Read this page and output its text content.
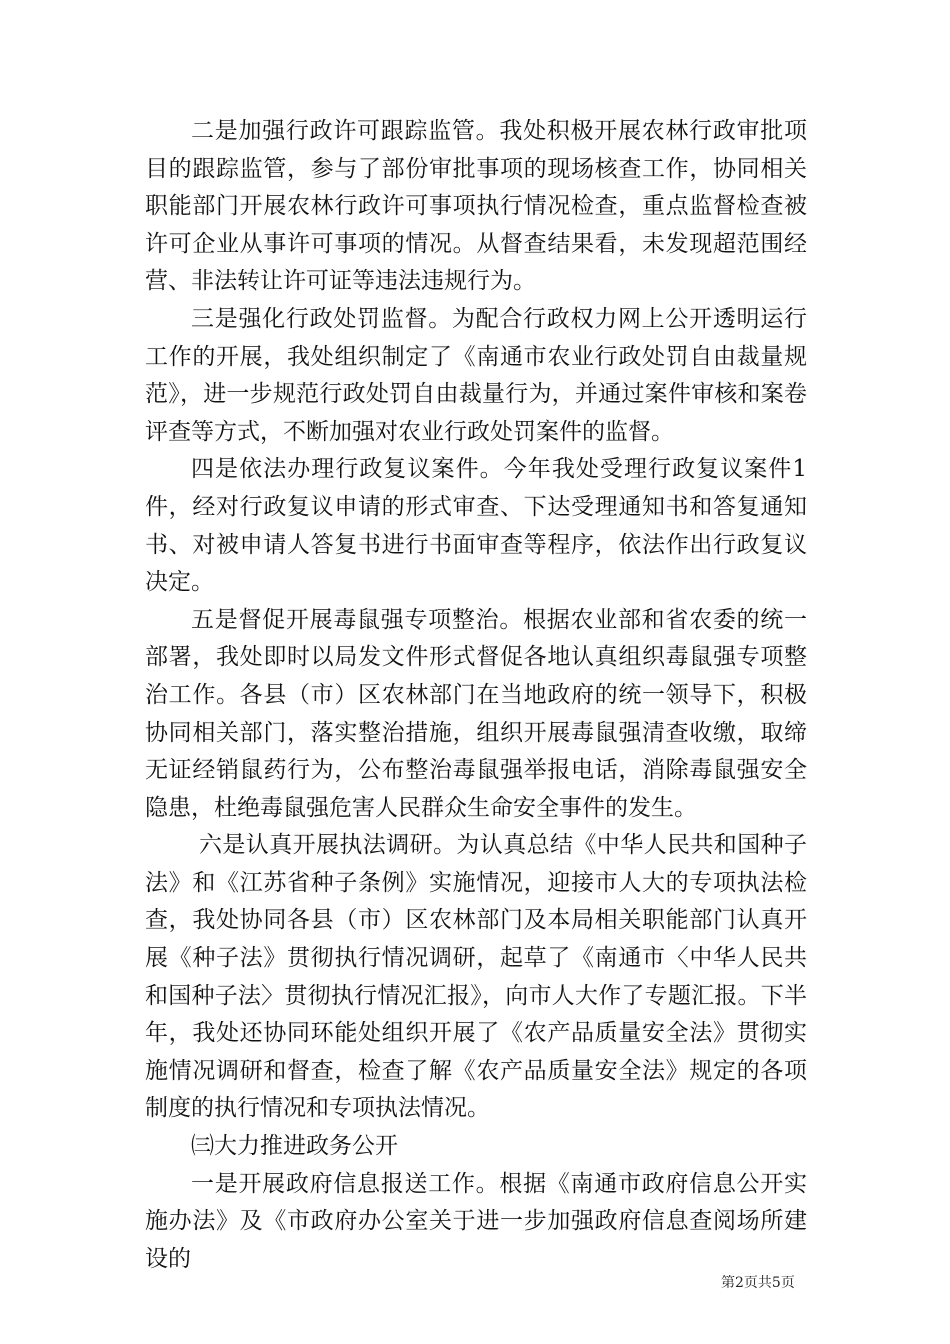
二是加强行政许可跟踪监管。我处积极开展农林行政审批项目的跟踪监管，参与了部份审批事项的现场核查工作，协同相关职能部门开展农林行政许可事项执行情况检查，重点监督检查被许可企业从事许可事项的情况。从督查结果看，未发现超范围经营、非法转让许可证等违法违规行为。

三是强化行政处罚监督。为配合行政权力网上公开透明运行工作的开展，我处组织制定了《南通市农业行政处罚自由裁量规范》，进一步规范行政处罚自由裁量行为，并通过案件审核和案卷评查等方式，不断加强对农业行政处罚案件的监督。

四是依法办理行政复议案件。今年我处受理行政复议案件1件，经对行政复议申请的形式审查、下达受理通知书和答复通知书、对被申请人答复书进行书面审查等程序，依法作出行政复议决定。

五是督促开展毒鼠强专项整治。根据农业部和省农委的统一部署，我处即时以局发文件形式督促各地认真组织毒鼠强专项整治工作。各县（市）区农林部门在当地政府的统一领导下，积极协同相关部门，落实整治措施，组织开展毒鼠强清查收缴，取缔无证经销鼠药行为，公布整治毒鼠强举报电话，消除毒鼠强安全隐患，杜绝毒鼠强危害人民群众生命安全事件的发生。

六是认真开展执法调研。为认真总结《中华人民共和国种子法》和《江苏省种子条例》实施情况，迎接市人大的专项执法检查，我处协同各县（市）区农林部门及本局相关职能部门认真开展《种子法》贯彻执行情况调研，起草了《南通市〈中华人民共和国种子法〉贯彻执行情况汇报》，向市人大作了专题汇报。下半年，我处还协同环能处组织开展了《农产品质量安全法》贯彻实施情况调研和督查，检查了解《农产品质量安全法》规定的各项制度的执行情况和专项执法情况。

㈢大力推进政务公开

一是开展政府信息报送工作。根据《南通市政府信息公开实施办法》及《市政府办公室关于进一步加强政府信息查阅场所建设的

第2页共5页
